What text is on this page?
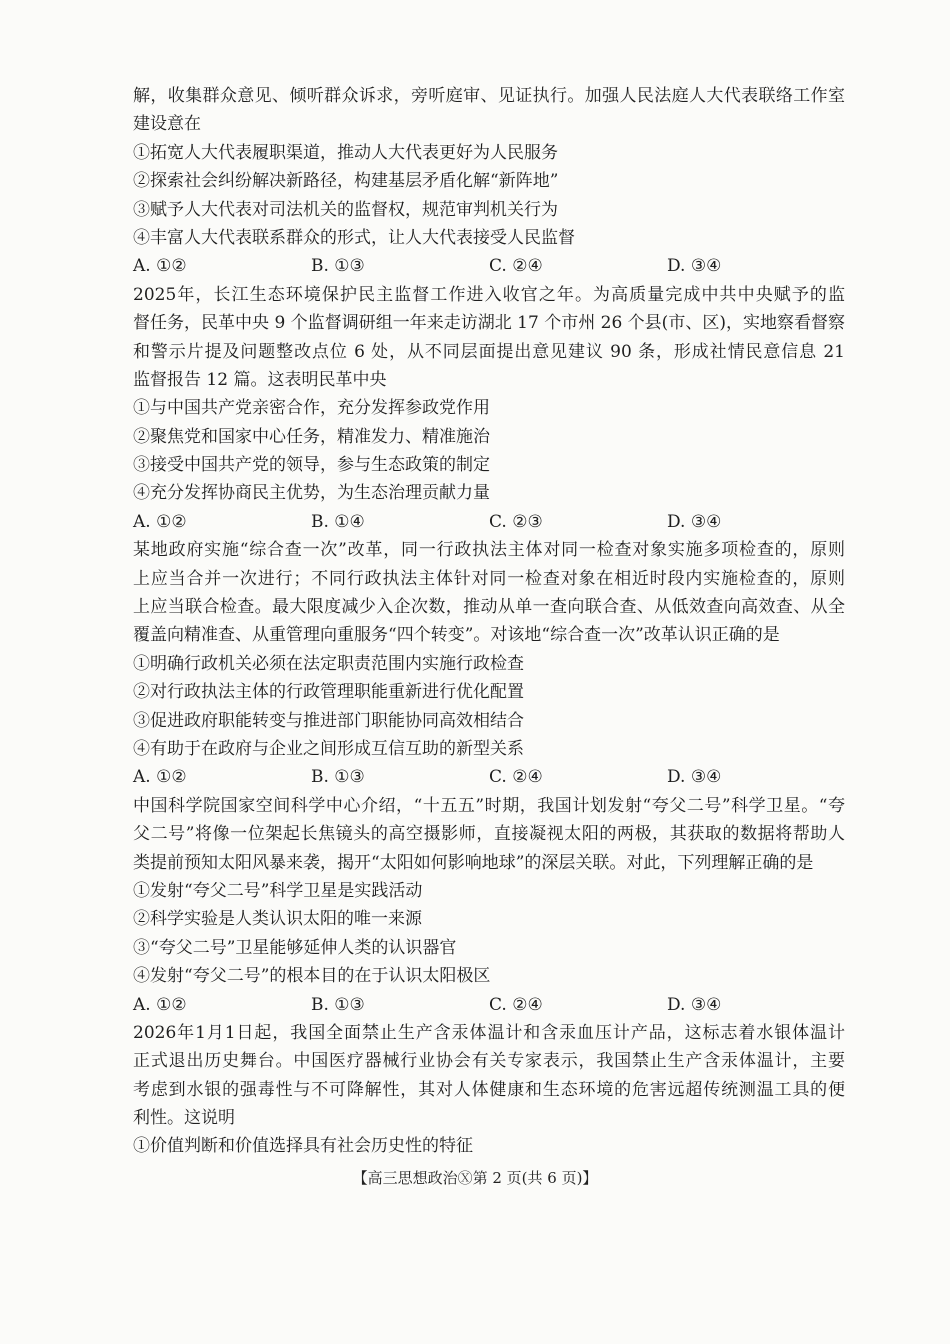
解，收集群众意见、倾听群众诉求，旁听庭审、见证执行。加强人民法庭人大代表联络工作室
建设意在
①拓宽人大代表履职渠道，推动人大代表更好为人民服务
②探索社会纠纷解决新路径，构建基层矛盾化解“新阵地”
③赋予人大代表对司法机关的监督权，规范审判机关行为
④丰富人大代表联系群众的形式，让人大代表接受人民监督
A. ①②	B. ①③	C. ②④	D. ③④
2025年，长江生态环境保护民主监督工作进入收官之年。为高质量完成中共中央赋予的监
督任务，民革中央 9 个监督调研组一年来走访湖北 17 个市州 26 个县(市、区)，实地察看督察
和警示片提及问题整改点位 6 处，从不同层面提出意见建议 90 条，形成社情民意信息 21
监督报告 12 篇。这表明民革中央
①与中国共产党亲密合作，充分发挥参政党作用
②聚焦党和国家中心任务，精准发力、精准施治
③接受中国共产党的领导，参与生态政策的制定
④充分发挥协商民主优势，为生态治理贡献力量
A. ①②	B. ①④	C. ②③	D. ③④
某地政府实施“综合查一次”改革，同一行政执法主体对同一检查对象实施多项检查的，原则
上应当合并一次进行；不同行政执法主体针对同一检查对象在相近时段内实施检查的，原则
上应当联合检查。最大限度减少入企次数，推动从单一查向联合查、从低效查向高效查、从全
覆盖向精准查、从重管理向重服务“四个转变”。对该地“综合查一次”改革认识正确的是
①明确行政机关必须在法定职责范围内实施行政检查
②对行政执法主体的行政管理职能重新进行优化配置
③促进政府职能转变与推进部门职能协同高效相结合
④有助于在政府与企业之间形成互信互助的新型关系
A. ①②	B. ①③	C. ②④	D. ③④
中国科学院国家空间科学中心介绍，“十五五”时期，我国计划发射“夸父二号”科学卫星。“夸
父二号”将像一位架起长焦镜头的高空摄影师，直接凝视太阳的两极，其获取的数据将帮助人
类提前预知太阳风暴来袭，揭开“太阳如何影响地球”的深层关联。对此，下列理解正确的是
①发射“夸父二号”科学卫星是实践活动
②科学实验是人类认识太阳的唯一来源
③“夸父二号”卫星能够延伸人类的认识器官
④发射“夸父二号”的根本目的在于认识太阳极区
A. ①②	B. ①③	C. ②④	D. ③④
2026年1月1日起，我国全面禁止生产含汞体温计和含汞血压计产品，这标志着水银体温计
正式退出历史舞台。中国医疗器械行业协会有关专家表示，我国禁止生产含汞体温计，主要
考虑到水银的强毒性与不可降解性，其对人体健康和生态环境的危害远超传统测温工具的便
利性。这说明
①价值判断和价值选择具有社会历史性的特征
【高三思想政治Ⓧ第 2 页(共 6 页)】
